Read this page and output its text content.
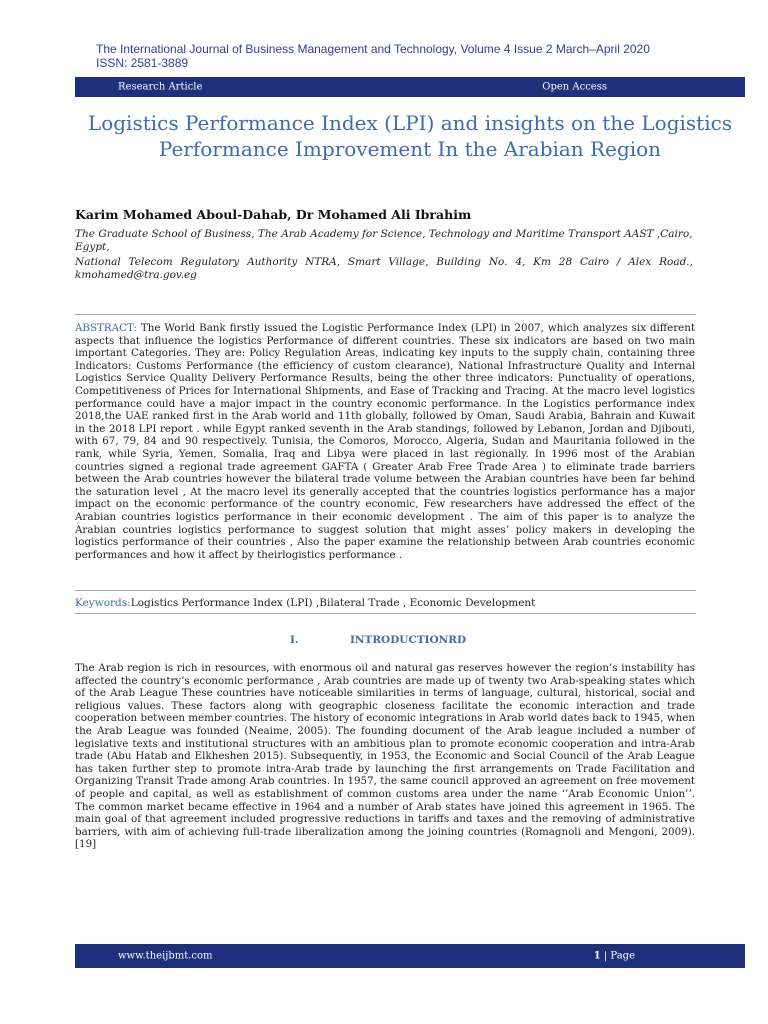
The International Journal of Business Management and Technology, Volume 4 Issue 2 March–April 2020
ISSN: 2581-3889
Research Article	Open Access
Logistics Performance Index (LPI) and insights on the Logistics Performance Improvement In the Arabian Region
Karim Mohamed Aboul-Dahab, Dr Mohamed Ali Ibrahim
The Graduate School of Business, The Arab Academy for Science, Technology and Maritime Transport AAST ,Cairo, Egypt,
National Telecom Regulatory Authority NTRA, Smart Village, Building No. 4, Km 28 Cairo / Alex Road., kmohamed@tra.gov.eg
ABSTRACT: The World Bank firstly issued the Logistic Performance Index (LPI) in 2007, which analyzes six different aspects that influence the logistics Performance of different countries. These six indicators are based on two main important Categories. They are: Policy Regulation Areas, indicating key inputs to the supply chain, containing three Indicators: Customs Performance (the efficiency of custom clearance), National Infrastructure Quality and Internal Logistics Service Quality Delivery Performance Results, being the other three indicators: Punctuality of operations, Competitiveness of Prices for International Shipments, and Ease of Tracking and Tracing. At the macro level logistics performance could have a major impact in the country economic performance. In the Logistics performance index 2018,the UAE ranked first in the Arab world and 11th globally, followed by Oman, Saudi Arabia, Bahrain and Kuwait in the 2018 LPI report . while Egypt ranked seventh in the Arab standings, followed by Lebanon, Jordan and Djibouti, with 67, 79, 84 and 90 respectively. Tunisia, the Comoros, Morocco, Algeria, Sudan and Mauritania followed in the rank, while Syria, Yemen, Somalia, Iraq and Libya were placed in last regionally. In 1996 most of the Arabian countries signed a regional trade agreement GAFTA ( Greater Arab Free Trade Area ) to eliminate trade barriers between the Arab countries however the bilateral trade volume between the Arabian countries have been far behind the saturation level , At the macro level its generally accepted that the countries logistics performance has a major impact on the economic performance of the country economic, Few researchers have addressed the effect of the Arabian countries logistics performance in their economic development . The aim of this paper is to analyze the Arabian countries logistics performance to suggest solution that might asses’ policy makers in developing the logistics performance of their countries , Also the paper examine the relationship between Arab countries economic performances and how it affect by theirlogistics performance .
Keywords:Logistics Performance Index (LPI) ,Bilateral Trade , Economic Development
I.	INTRODUCTIONRD
The Arab region is rich in resources, with enormous oil and natural gas reserves however the region’s instability has affected the country’s economic performance , Arab countries are made up of twenty two Arab-speaking states which of the Arab League These countries have noticeable similarities in terms of language, cultural, historical, social and religious values. These factors along with geographic closeness facilitate the economic interaction and trade cooperation between member countries. The history of economic integrations in Arab world dates back to 1945, when the Arab League was founded (Neaime, 2005). The founding document of the Arab league included a number of legislative texts and institutional structures with an ambitious plan to promote economic cooperation and intra-Arab trade (Abu Hatab and Elkheshen 2015). Subsequently, in 1953, the Economic and Social Council of the Arab League has taken further step to promote intra-Arab trade by launching the first arrangements on Trade Facilitation and Organizing Transit Trade among Arab countries. In 1957, the same council approved an agreement on free movement of people and capital, as well as establishment of common customs area under the name ‘’Arab Economic Union’’. The common market became effective in 1964 and a number of Arab states have joined this agreement in 1965. The main goal of that agreement included progressive reductions in tariffs and taxes and the removing of administrative barriers, with aim of achieving full-trade liberalization among the joining countries (Romagnoli and Mengoni, 2009). [19]
www.theijbmt.com	1 | Page
